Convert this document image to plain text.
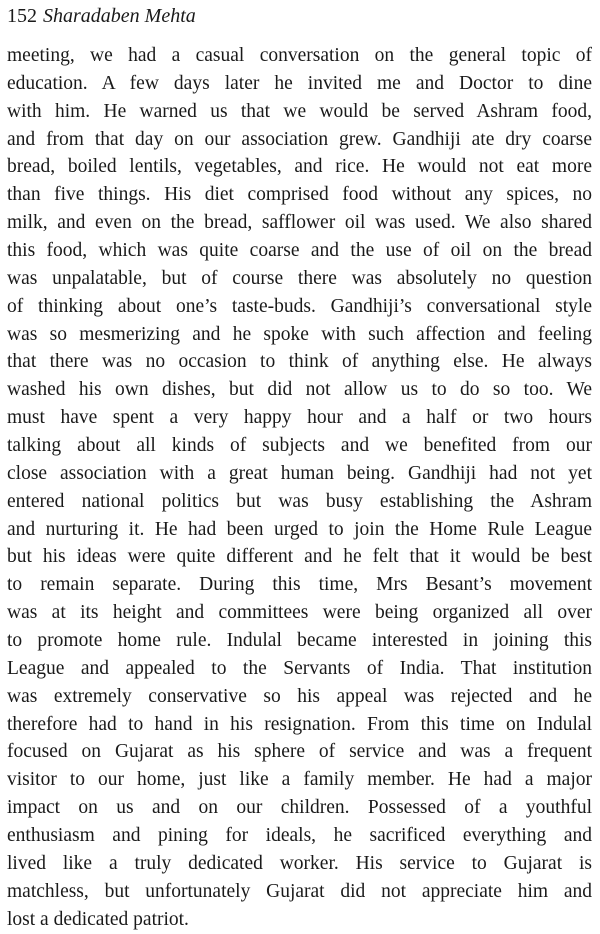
152 Sharadaben Mehta
meeting, we had a casual conversation on the general topic of
education. A few days later he invited me and Doctor to dine
with him. He warned us that we would be served Ashram food,
and from that day on our association grew. Gandhiji ate dry coarse
bread, boiled lentils, vegetables, and rice. He would not eat more
than five things. His diet comprised food without any spices, no
milk, and even on the bread, safflower oil was used. We also shared
this food, which was quite coarse and the use of oil on the bread
was unpalatable, but of course there was absolutely no question
of thinking about one’s taste-buds. Gandhiji’s conversational style
was so mesmerizing and he spoke with such affection and feeling
that there was no occasion to think of anything else. He always
washed his own dishes, but did not allow us to do so too. We
must have spent a very happy hour and a half or two hours
talking about all kinds of subjects and we benefited from our
close association with a great human being. Gandhiji had not yet
entered national politics but was busy establishing the Ashram
and nurturing it. He had been urged to join the Home Rule League
but his ideas were quite different and he felt that it would be best
to remain separate. During this time, Mrs Besant’s movement
was at its height and committees were being organized all over
to promote home rule. Indulal became interested in joining this
League and appealed to the Servants of India. That institution
was extremely conservative so his appeal was rejected and he
therefore had to hand in his resignation. From this time on Indulal
focused on Gujarat as his sphere of service and was a frequent
visitor to our home, just like a family member. He had a major
impact on us and on our children. Possessed of a youthful
enthusiasm and pining for ideals, he sacrificed everything and
lived like a truly dedicated worker. His service to Gujarat is
matchless, but unfortunately Gujarat did not appreciate him and
lost a dedicated patriot.
